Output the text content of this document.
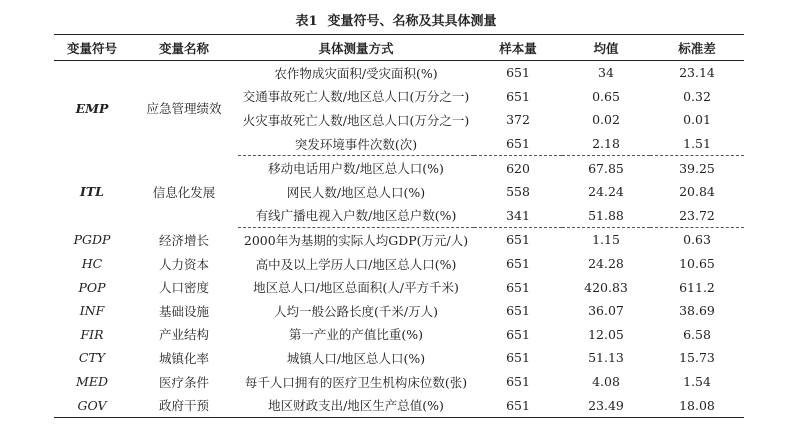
表1 变量符号、名称及其具体测量
变量符号	变量名称	具体测量方式	样本量	均值	标准差
EMP	应急管理绩效	农作物成灾面积/受灾面积(%)	651	34	23.14
		交通事故死亡人数/地区总人口(万分之一)	651	0.65	0.32
		火灾事故死亡人数/地区总人口(万分之一)	372	0.02	0.01
		突发环境事件次数(次)	651	2.18	1.51
ITL	信息化发展	移动电话用户数/地区总人口(%)	620	67.85	39.25
		网民人数/地区总人口(%)	558	24.24	20.84
		有线广播电视入户数/地区总户数(%)	341	51.88	23.72
PGDP	经济增长	2000年为基期的实际人均GDP(万元/人)	651	1.15	0.63
HC	人力资本	高中及以上学历人口/地区总人口(%)	651	24.28	10.65
POP	人口密度	地区总人口/地区总面积(人/平方千米)	651	420.83	611.2
INF	基础设施	人均一般公路长度(千米/万人)	651	36.07	38.69
FIR	产业结构	第一产业的产值比重(%)	651	12.05	6.58
CTY	城镇化率	城镇人口/地区总人口(%)	651	51.13	15.73
MED	医疗条件	每千人口拥有的医疗卫生机构床位数(张)	651	4.08	1.54
GOV	政府干预	地区财政支出/地区生产总值(%)	651	23.49	18.08
